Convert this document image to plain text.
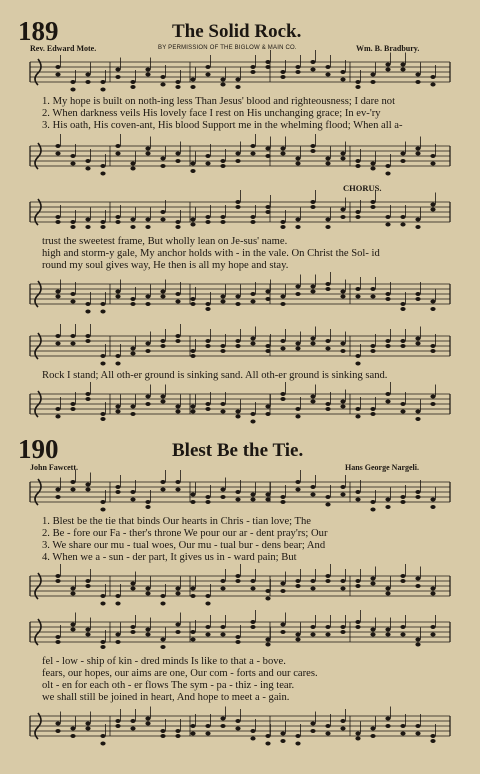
189	The Solid Rock.
Rev. Edward Mote.	BY PERMISSION OF THE BIGLOW & MAIN CO.	Wm. B. Bradbury.
1. My hope is built on noth-ing less Than Jesus' blood and righteousness; I dare not
2. When darkness veils His lovely face I rest on His unchanging grace; In ev-'ry
3. His oath, His coven-ant, His blood Support me in the whelming flood; When all a-
CHORUS.
trust the sweetest frame, But wholly lean on Je-sus' name.
high and storm-y gale, My anchor holds with - in the vale. On Christ the Sol- id
round my soul gives way, He then is all my hope and stay.
Rock I stand; All oth-er ground is sinking sand. All oth-er ground is sinking sand.
190	Blest Be the Tie.
John Fawcett.	Hans George Nargeli.
1. Blest be the tie that binds Our hearts in Chris - tian love; The
2. Be - fore our Fa - ther's throne We pour our ar - dent pray'rs; Our
3. We share our mu - tual woes, Our mu - tual bur - dens bear; And
4. When we a - sun - der part, It gives us in - ward pain; But
fel - low - ship of kin - dred minds Is like to that a - bove.
fears, our hopes, our aims are one, Our com - forts and our cares.
olt - en for each oth - er flows The sym - pa - thiz - ing tear.
we shall still be joined in heart, And hope to meet a - gain.
